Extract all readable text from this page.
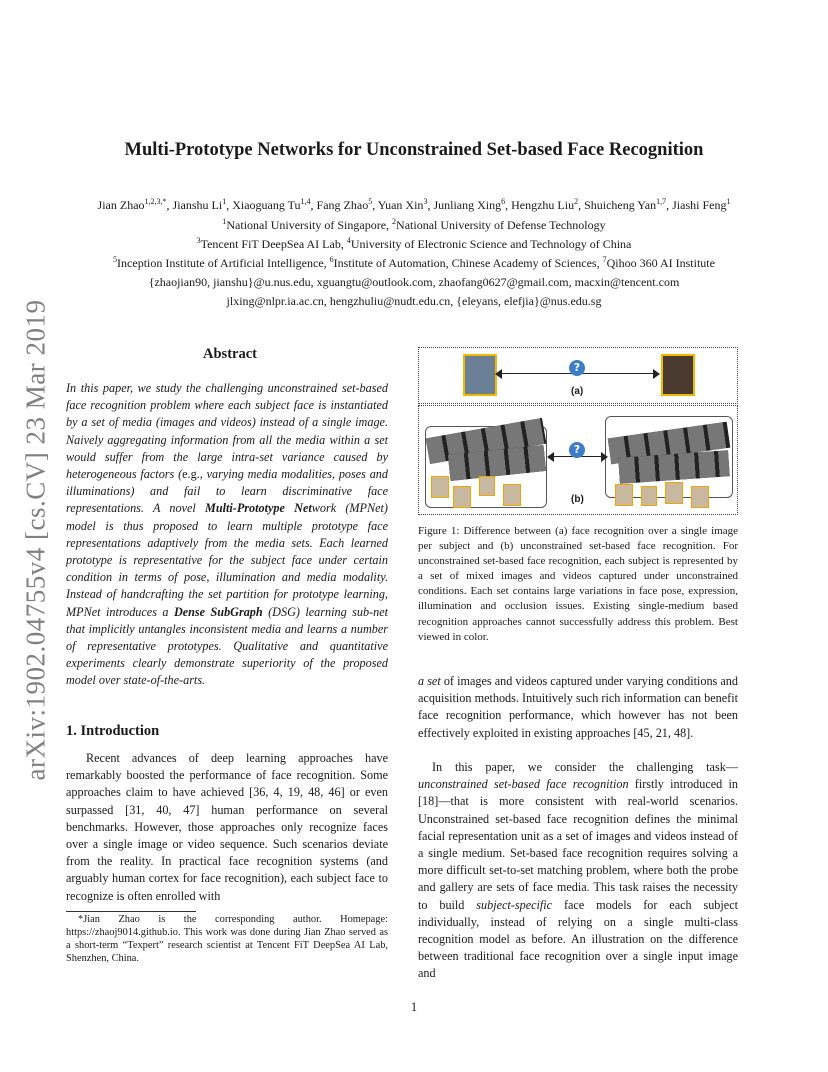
arXiv:1902.04755v4 [cs.CV] 23 Mar 2019
Multi-Prototype Networks for Unconstrained Set-based Face Recognition
Jian Zhao$^{1,2,3,*}$, Jianshu Li$^1$, Xiaoguang Tu$^{1,4}$, Fang Zhao$^5$, Yuan Xin$^3$, Junliang Xing$^6$, Hengzhu Liu$^2$, Shuicheng Yan$^{1,7}$, Jiashi Feng$^1$
$^1$National University of Singapore, $^2$National University of Defense Technology
$^3$Tencent FiT DeepSea AI Lab, $^4$University of Electronic Science and Technology of China
$^5$Inception Institute of Artificial Intelligence, $^6$Institute of Automation, Chinese Academy of Sciences, $^7$Qihoo 360 AI Institute
{zhaojian90, jianshu}@u.nus.edu, xguangtu@outlook.com, zhaofang0627@gmail.com, macxin@tencent.com
jlxing@nlpr.ia.ac.cn, hengzhuliu@nudt.edu.cn, {eleyans, elefjia}@nus.edu.sg
Abstract
In this paper, we study the challenging unconstrained set-based face recognition problem where each subject face is instantiated by a set of media (images and videos) instead of a single image. Naively aggregating information from all the media within a set would suffer from the large intra-set variance caused by heterogeneous factors (e.g., varying media modalities, poses and illuminations) and fail to learn discriminative face representations. A novel Multi-Prototype Network (MPNet) model is thus proposed to learn multiple prototype face representations adaptively from the media sets. Each learned prototype is representative for the subject face under certain condition in terms of pose, illumination and media modality. Instead of handcrafting the set partition for prototype learning, MPNet introduces a Dense SubGraph (DSG) learning sub-net that implicitly untangles inconsistent media and learns a number of representative prototypes. Qualitative and quantitative experiments clearly demonstrate superiority of the proposed model over state-of-the-arts.
1. Introduction
Recent advances of deep learning approaches have remarkably boosted the performance of face recognition. Some approaches claim to have achieved [36, 4, 19, 48, 46] or even surpassed [31, 40, 47] human performance on several benchmarks. However, those approaches only recognize faces over a single image or video sequence. Such scenarios deviate from the reality. In practical face recognition systems (and arguably human cortex for face recognition), each subject face to recognize is often enrolled with
*Jian Zhao is the corresponding author. Homepage: https://zhaoj9014.github.io. This work was done during Jian Zhao served as a short-term “Texpert” research scientist at Tencent FiT DeepSea AI Lab, Shenzhen, China.
?
(a)
?
(b)
Figure 1: Difference between (a) face recognition over a single image per subject and (b) unconstrained set-based face recognition. For unconstrained set-based face recognition, each subject is represented by a set of mixed images and videos captured under unconstrained conditions. Each set contains large variations in face pose, expression, illumination and occlusion issues. Existing single-medium based recognition approaches cannot successfully address this problem. Best viewed in color.
a set of images and videos captured under varying conditions and acquisition methods. Intuitively such rich information can benefit face recognition performance, which however has not been effectively exploited in existing approaches [45, 21, 48].
In this paper, we consider the challenging task—unconstrained set-based face recognition firstly introduced in [18]—that is more consistent with real-world scenarios. Unconstrained set-based face recognition defines the minimal facial representation unit as a set of images and videos instead of a single medium. Set-based face recognition requires solving a more difficult set-to-set matching problem, where both the probe and gallery are sets of face media. This task raises the necessity to build subject-specific face models for each subject individually, instead of relying on a single multi-class recognition model as before. An illustration on the difference between traditional face recognition over a single input image and
1
